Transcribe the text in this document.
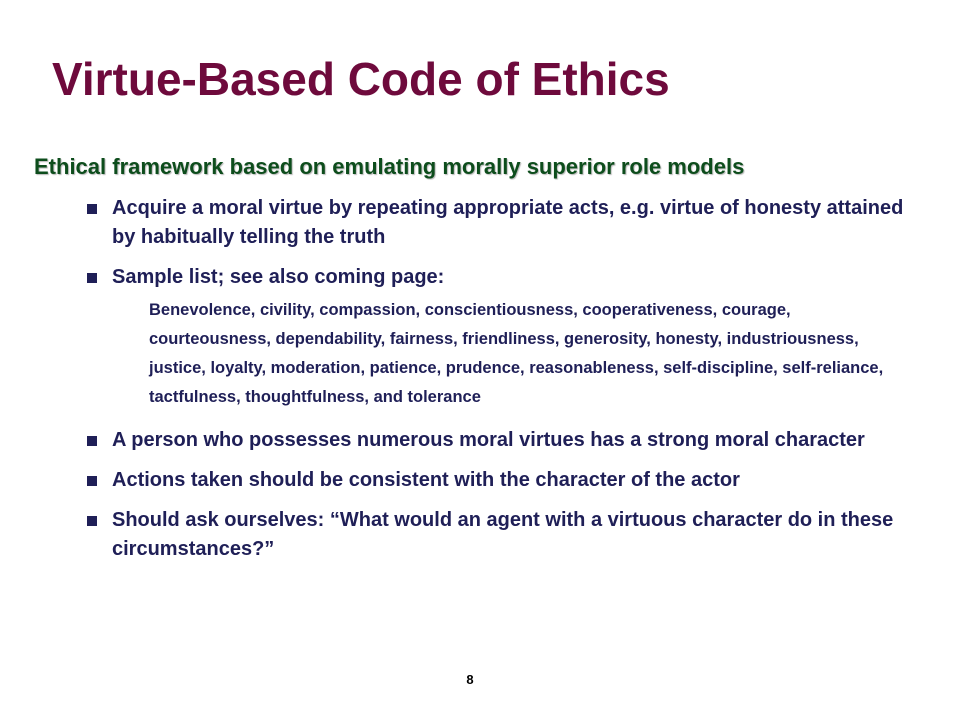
Virtue-Based Code of Ethics
Ethical framework based on emulating morally superior role models
Acquire a moral virtue by repeating appropriate acts, e.g. virtue of honesty attained by habitually telling the truth
Sample list; see also coming page:

Benevolence, civility, compassion, conscientiousness, cooperativeness, courage, courteousness, dependability, fairness, friendliness, generosity, honesty, industriousness, justice, loyalty, moderation, patience, prudence, reasonableness, self-discipline, self-reliance, tactfulness, thoughtfulness, and tolerance

A person who possesses numerous moral virtues has a strong moral character
Actions taken should be consistent with the character of the actor
Should ask ourselves: “What would an agent with a virtuous character do in these circumstances?”
8
